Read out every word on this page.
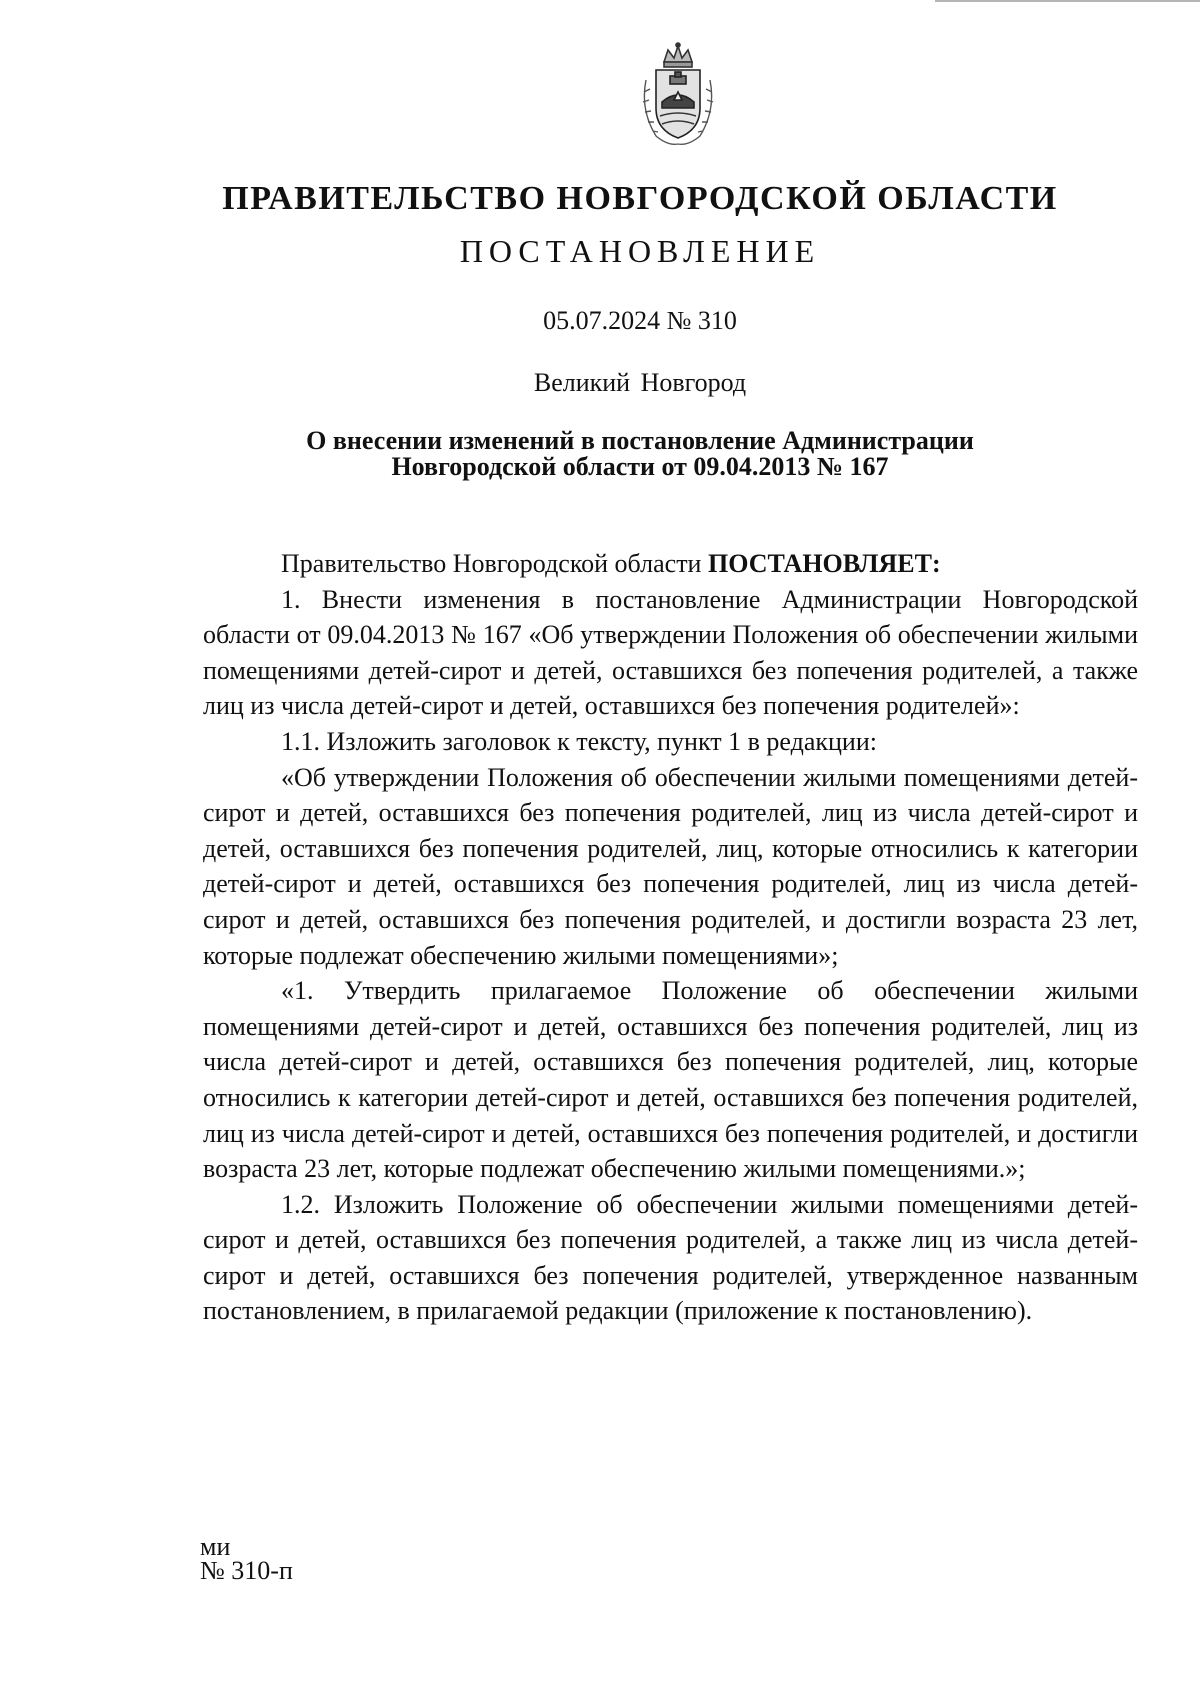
ПРАВИТЕЛЬСТВО НОВГОРОДСКОЙ ОБЛАСТИ
ПОСТАНОВЛЕНИЕ
05.07.2024 № 310
Великий Новгород
О внесении изменений в постановление Администрации
Новгородской области от 09.04.2013 № 167

Правительство Новгородской области ПОСТАНОВЛЯЕТ:

1. Внести изменения в постановление Администрации Новгородской области от 09.04.2013 № 167 «Об утверждении Положения об обеспечении жилыми помещениями детей-сирот и детей, оставшихся без попечения родителей, а также лиц из числа детей-сирот и детей, оставшихся без попечения родителей»:

1.1. Изложить заголовок к тексту, пункт 1 в редакции:

«Об утверждении Положения об обеспечении жилыми помещениями детей-сирот и детей, оставшихся без попечения родителей, лиц из числа детей-сирот и детей, оставшихся без попечения родителей, лиц, которые относились к категории детей-сирот и детей, оставшихся без попечения родителей, лиц из числа детей-сирот и детей, оставшихся без попечения родителей, и достигли возраста 23 лет, которые подлежат обеспечению жилыми помещениями»;

«1. Утвердить прилагаемое Положение об обеспечении жилыми помещениями детей-сирот и детей, оставшихся без попечения родителей, лиц из числа детей-сирот и детей, оставшихся без попечения родителей, лиц, которые относились к категории детей-сирот и детей, оставшихся без попечения родителей, лиц из числа детей-сирот и детей, оставшихся без попечения родителей, и достигли возраста 23 лет, которые подлежат обеспечению жилыми помещениями.»;

1.2. Изложить Положение об обеспечении жилыми помещениями детей-сирот и детей, оставшихся без попечения родителей, а также лиц из числа детей-сирот и детей, оставшихся без попечения родителей, утвержденное названным постановлением, в прилагаемой редакции (приложение к постановлению).

ми
№ 310-п
